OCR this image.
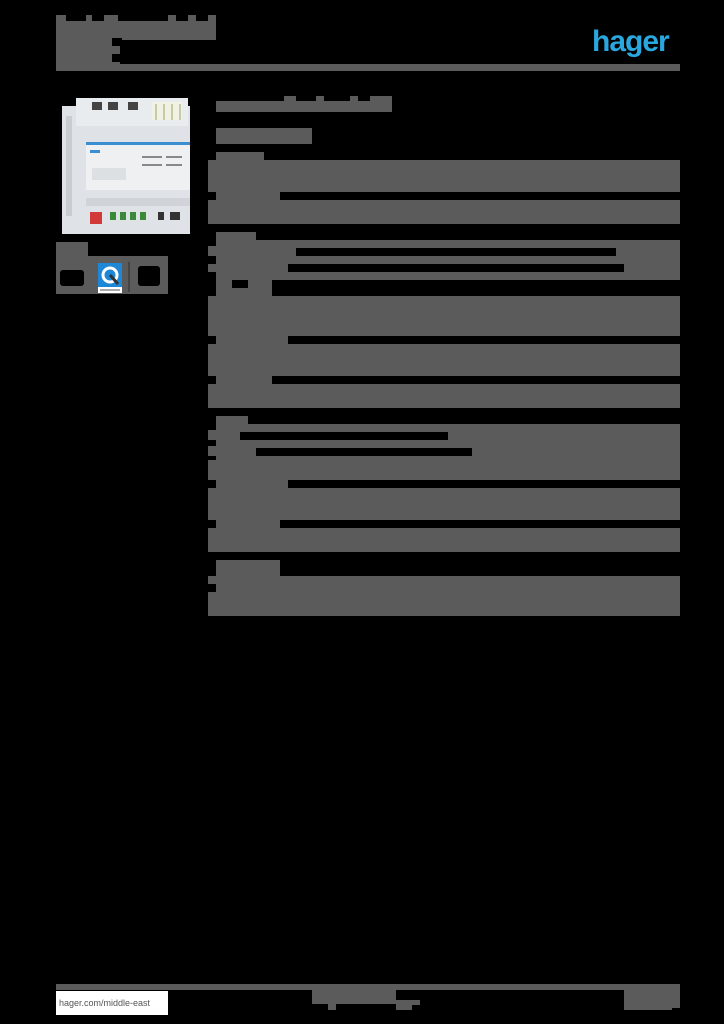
hager
hager.com/middle-east
